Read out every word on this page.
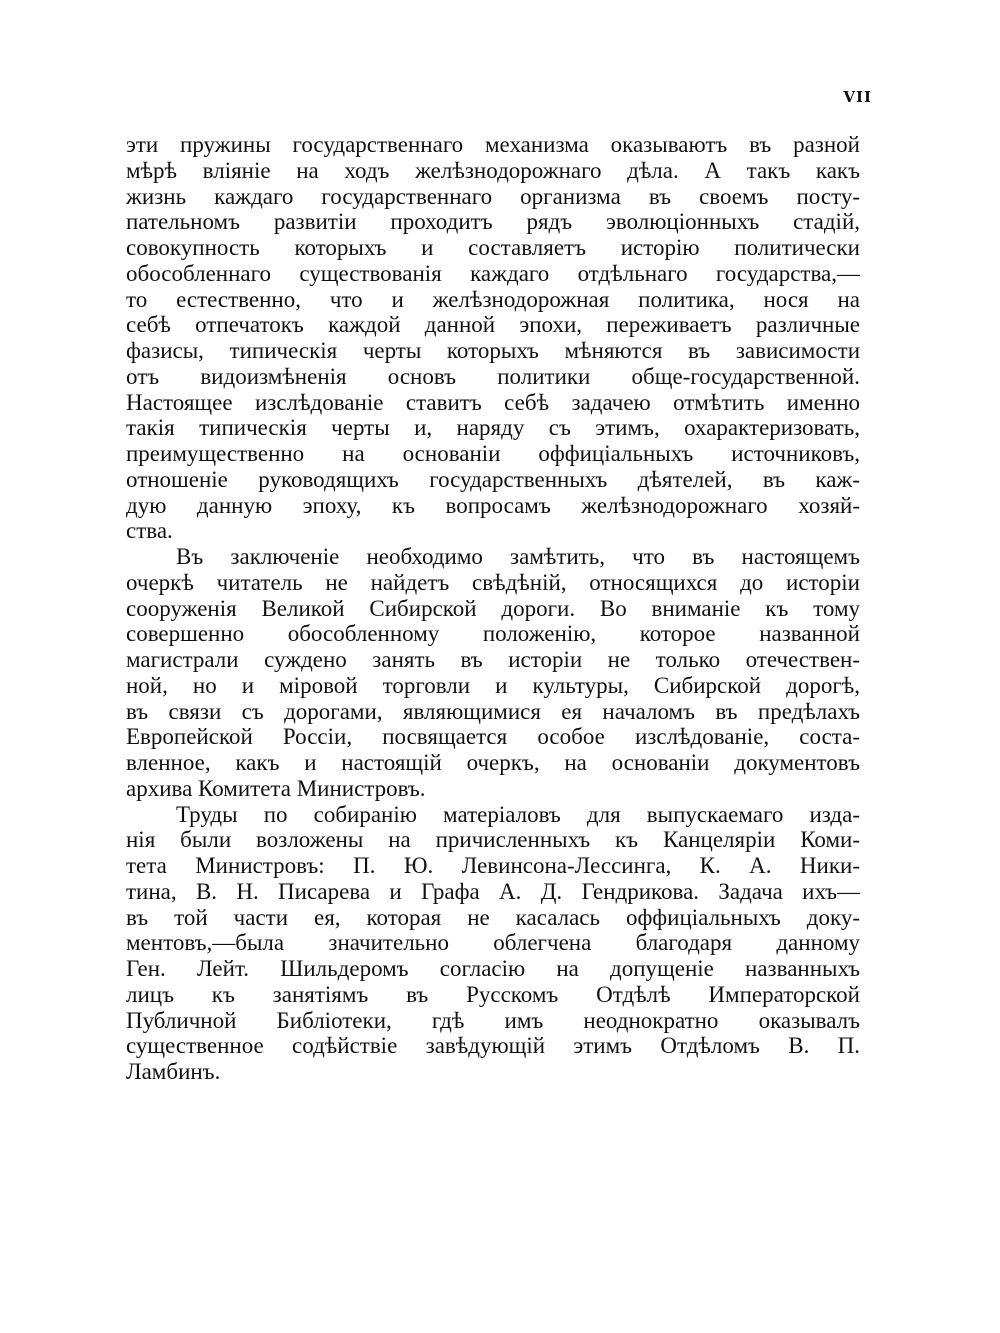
VII
эти пружины государственнаго механизма оказываютъ въ разной
мѣрѣ вліяніе на ходъ желѣзнодорожнаго дѣла. А такъ какъ
жизнь каждаго государственнаго организма въ своемъ посту-
пательномъ развитіи проходитъ рядъ эволюціонныхъ стадій,
совокупность которыхъ и составляетъ исторію политически
обособленнаго существованія каждаго отдѣльнаго государства,—
то естественно, что и желѣзнодорожная политика, нося на
себѣ отпечатокъ каждой данной эпохи, переживаетъ различные
фазисы, типическія черты которыхъ мѣняются въ зависимости
отъ видоизмѣненія основъ политики обще-государственной.
Настоящее изслѣдованіе ставитъ себѣ задачею отмѣтить именно
такія типическія черты и, наряду съ этимъ, охарактеризовать,
преимущественно на основаніи оффиціальныхъ источниковъ,
отношеніе руководящихъ государственныхъ дѣятелей, въ каж-
дую данную эпоху, къ вопросамъ желѣзнодорожнаго хозяй-
ства.
Въ заключеніе необходимо замѣтить, что въ настоящемъ
очеркѣ читатель не найдетъ свѣдѣній, относящихся до исторіи
сооруженія Великой Сибирской дороги. Во вниманіе къ тому
совершенно обособленному положенію, которое названной
магистрали суждено занять въ исторіи не только отечествен-
ной, но и міровой торговли и культуры, Сибирской дорогѣ,
въ связи съ дорогами, являющимися ея началомъ въ предѣлахъ
Европейской Россіи, посвящается особое изслѣдованіе, соста-
вленное, какъ и настоящій очеркъ, на основаніи документовъ
архива Комитета Министровъ.
Труды по собиранію матеріаловъ для выпускаемаго изда-
нія были возложены на причисленныхъ къ Канцеляріи Коми-
тета Министровъ: П. Ю. Левинсона-Лессинга, К. А. Ники-
тина, В. Н. Писарева и Графа А. Д. Гендрикова. Задача ихъ—
въ той части ея, которая не касалась оффиціальныхъ доку-
ментовъ,—была значительно облегчена благодаря данному
Ген. Лейт. Шильдеромъ согласію на допущеніе названныхъ
лицъ къ занятіямъ въ Русскомъ Отдѣлѣ Императорской
Публичной Библіотеки, гдѣ имъ неоднократно оказывалъ
существенное содѣйствіе завѣдующій этимъ Отдѣломъ В. П.
Ламбинъ.
